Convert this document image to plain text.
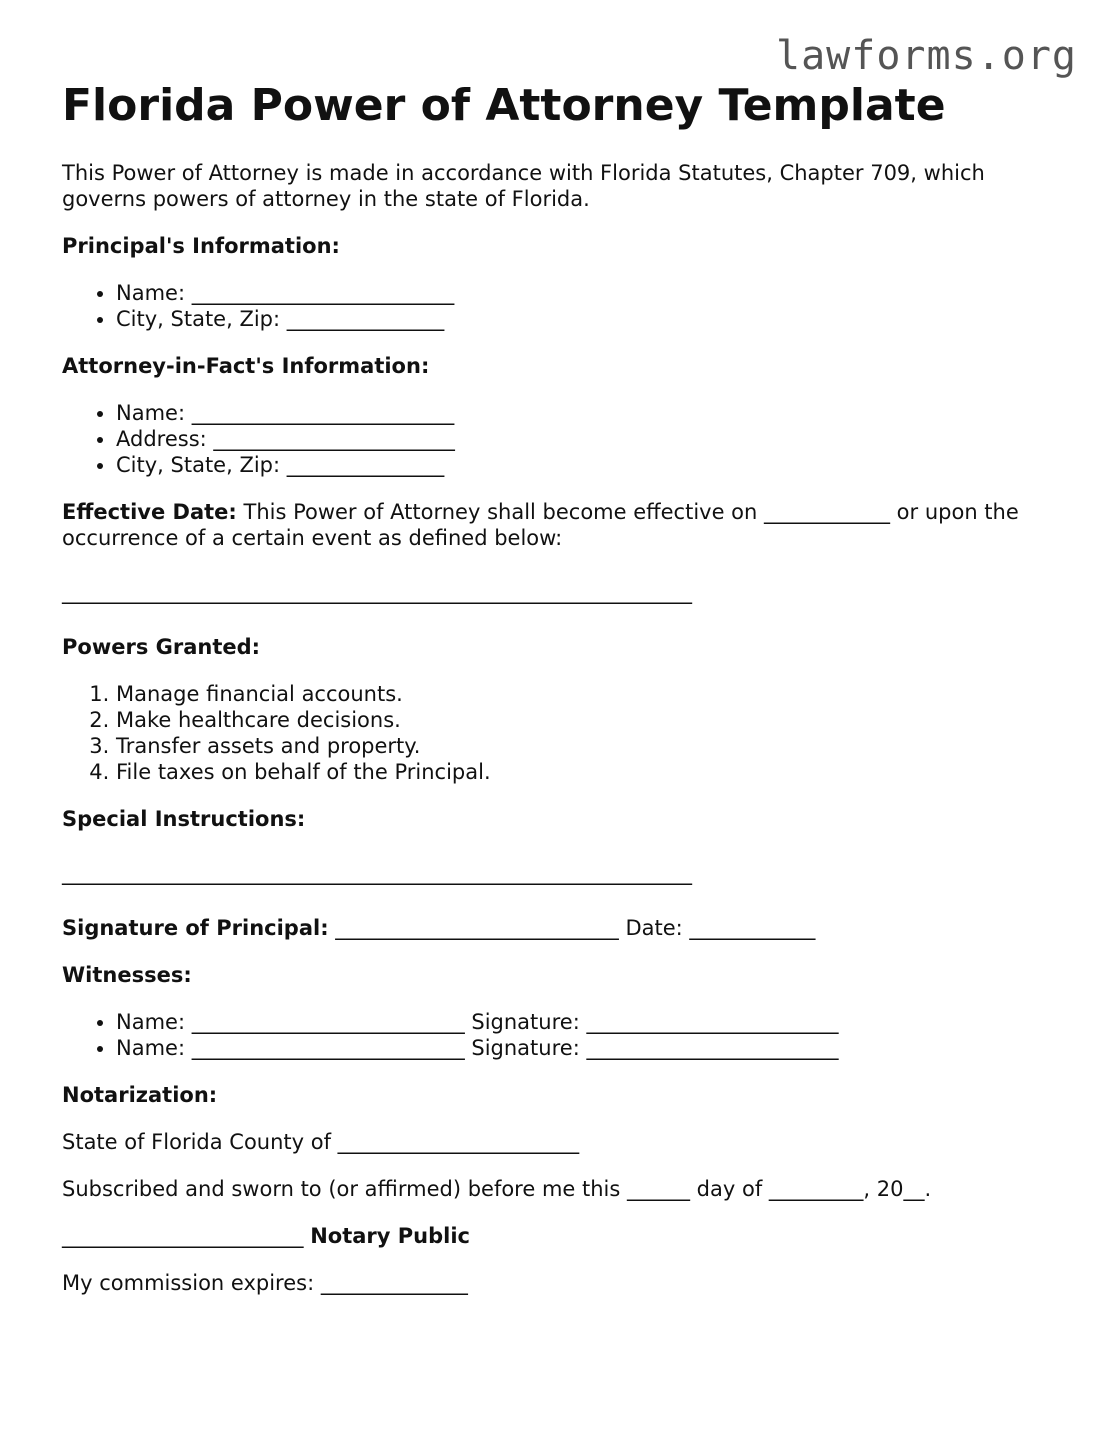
lawforms.org
Florida Power of Attorney Template

This Power of Attorney is made in accordance with Florida Statutes, Chapter 709, which governs powers of attorney in the state of Florida.

Principal's Information:

• Name: _________________________
• City, State, Zip: _______________

Attorney-in-Fact's Information:

• Name: _________________________
• Address: _______________________
• City, State, Zip: _______________

Effective Date: This Power of Attorney shall become effective on ____________ or upon the occurrence of a certain event as defined below:

____________________________________________________________

Powers Granted:

1. Manage financial accounts.
2. Make healthcare decisions.
3. Transfer assets and property.
4. File taxes on behalf of the Principal.

Special Instructions:

____________________________________________________________

Signature of Principal: ___________________________ Date: ____________

Witnesses:

• Name: __________________________ Signature: ________________________
• Name: __________________________ Signature: ________________________

Notarization:

State of Florida County of _______________________

Subscribed and sworn to (or affirmed) before me this ______ day of _________, 20__.

_______________________ Notary Public

My commission expires: ______________
